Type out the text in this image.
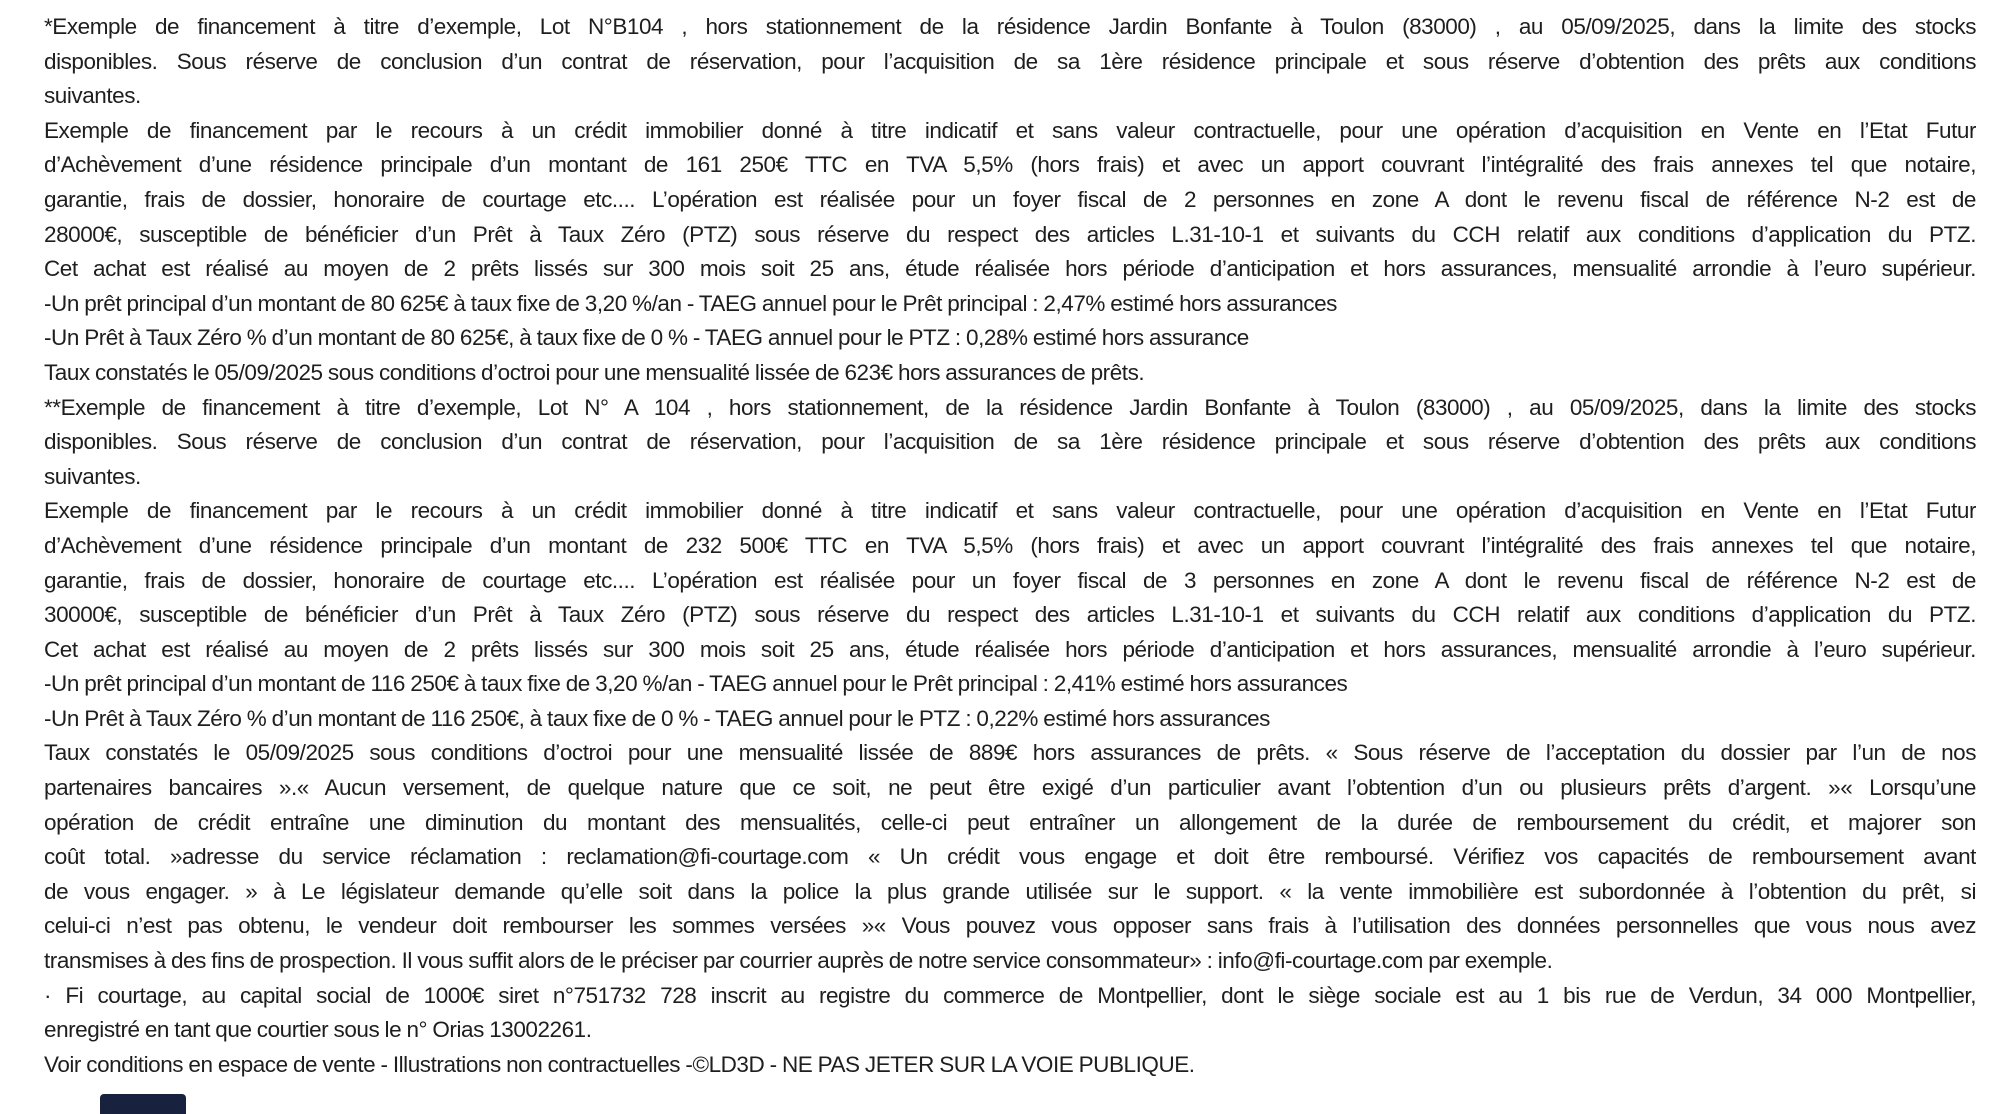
*Exemple de financement à titre d’exemple, Lot N°B104 , hors stationnement de la résidence Jardin Bonfante à Toulon (83000) , au 05/09/2025, dans la limite des stocks
disponibles. Sous réserve de conclusion d’un contrat de réservation, pour l’acquisition de sa 1ère résidence principale et sous réserve d’obtention des prêts aux conditions
suivantes.
Exemple de financement par le recours à un crédit immobilier donné à titre indicatif et sans valeur contractuelle, pour une opération d’acquisition en Vente en l’Etat Futur
d’Achèvement d’une résidence principale d’un montant de 161 250€ TTC en TVA 5,5% (hors frais) et avec un apport couvrant l’intégralité des frais annexes tel que notaire,
garantie, frais de dossier, honoraire de courtage etc.... L’opération est réalisée pour un foyer fiscal de 2 personnes en zone A dont le revenu fiscal de référence N-2 est de
28000€, susceptible de bénéficier d’un Prêt à Taux Zéro (PTZ) sous réserve du respect des articles L.31-10-1 et suivants du CCH relatif aux conditions d’application du PTZ.
Cet achat est réalisé au moyen de 2 prêts lissés sur 300 mois soit 25 ans, étude réalisée hors période d’anticipation et hors assurances, mensualité arrondie à l’euro supérieur.
-Un prêt principal d’un montant de 80 625€ à taux fixe de 3,20 %/an - TAEG annuel pour le Prêt principal : 2,47% estimé hors assurances
-Un Prêt à Taux Zéro % d’un montant de 80 625€, à taux fixe de 0 % - TAEG annuel pour le PTZ : 0,28% estimé hors assurance
Taux constatés le 05/09/2025 sous conditions d’octroi pour une mensualité lissée de 623€ hors assurances de prêts.
**Exemple de financement à titre d’exemple, Lot N° A 104 , hors stationnement, de la résidence Jardin Bonfante à Toulon (83000) , au 05/09/2025, dans la limite des stocks
disponibles. Sous réserve de conclusion d’un contrat de réservation, pour l’acquisition de sa 1ère résidence principale et sous réserve d’obtention des prêts aux conditions
suivantes.
Exemple de financement par le recours à un crédit immobilier donné à titre indicatif et sans valeur contractuelle, pour une opération d’acquisition en Vente en l’Etat Futur
d’Achèvement d’une résidence principale d’un montant de 232 500€ TTC en TVA 5,5% (hors frais) et avec un apport couvrant l’intégralité des frais annexes tel que notaire,
garantie, frais de dossier, honoraire de courtage etc.... L’opération est réalisée pour un foyer fiscal de 3 personnes en zone A dont le revenu fiscal de référence N-2 est de
30000€, susceptible de bénéficier d’un Prêt à Taux Zéro (PTZ) sous réserve du respect des articles L.31-10-1 et suivants du CCH relatif aux conditions d’application du PTZ.
Cet achat est réalisé au moyen de 2 prêts lissés sur 300 mois soit 25 ans, étude réalisée hors période d’anticipation et hors assurances, mensualité arrondie à l’euro supérieur.
-Un prêt principal d’un montant de 116 250€ à taux fixe de 3,20 %/an - TAEG annuel pour le Prêt principal : 2,41% estimé hors assurances
-Un Prêt à Taux Zéro % d’un montant de 116 250€, à taux fixe de 0 % - TAEG annuel pour le PTZ : 0,22% estimé hors assurances
Taux constatés le 05/09/2025 sous conditions d’octroi pour une mensualité lissée de 889€ hors assurances de prêts. « Sous réserve de l’acceptation du dossier par l’un de nos
partenaires bancaires ».« Aucun versement, de quelque nature que ce soit, ne peut être exigé d’un particulier avant l’obtention d’un ou plusieurs prêts d’argent. »« Lorsqu’une
opération de crédit entraîne une diminution du montant des mensualités, celle-ci peut entraîner un allongement de la durée de remboursement du crédit, et majorer son
coût total. »adresse du service réclamation : reclamation@fi-courtage.com « Un crédit vous engage et doit être remboursé. Vérifiez vos capacités de remboursement avant
de vous engager. » à Le législateur demande qu’elle soit dans la police la plus grande utilisée sur le support. « la vente immobilière est subordonnée à l’obtention du prêt, si
celui-ci n’est pas obtenu, le vendeur doit rembourser les sommes versées »« Vous pouvez vous opposer sans frais à l’utilisation des données personnelles que vous nous avez
transmises à des fins de prospection. Il vous suffit alors de le préciser par courrier auprès de notre service consommateur» : info@fi-courtage.com par exemple.
· Fi courtage, au capital social de 1000€ siret n°751732 728 inscrit au registre du commerce de Montpellier, dont le siège sociale est au 1 bis rue de Verdun, 34 000 Montpellier,
enregistré en tant que courtier sous le n° Orias 13002261.
Voir conditions en espace de vente - Illustrations non contractuelles -©LD3D - NE PAS JETER SUR LA VOIE PUBLIQUE.
